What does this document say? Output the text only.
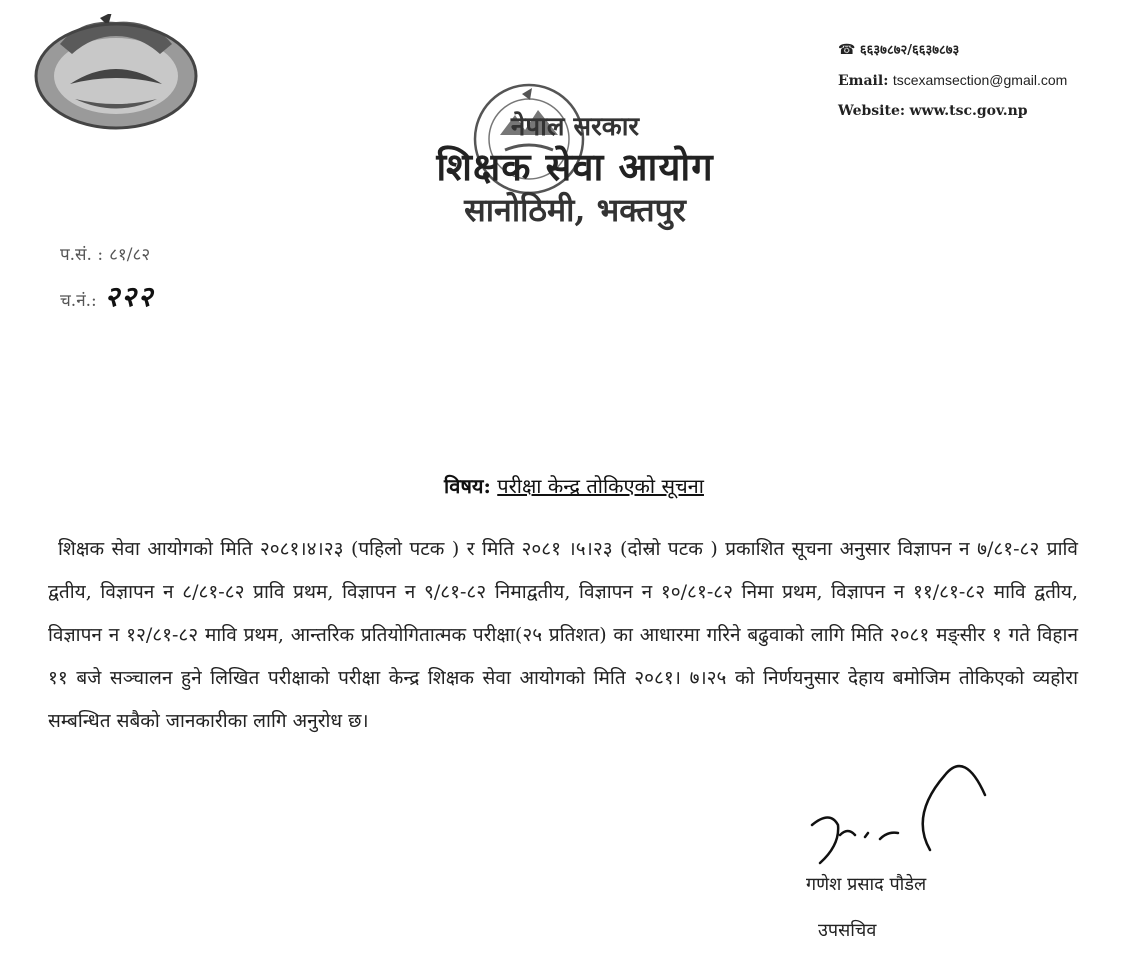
नेपाल सरकार

शिक्षक सेवा आयोग

सानोठिमी, भक्तपुर

☎ ६६३७८७२/६६३७८७३
Email: tscexamsection@gmail.com
Website: www.tsc.gov.np
प.सं. : ८१/८२
च.नं.: २२२
विषय: परीक्षा केन्द्र तोकिएको सूचना
शिक्षक सेवा आयोगको मिति २०८१।४।२३ (पहिलो पटक ) र मिति २०८१ ।५।२३ (दोस्रो पटक ) प्रकाशित सूचना अनुसार विज्ञापन न ७/८१-८२ प्रावि द्वतीय, विज्ञापन न ८/८१-८२ प्रावि प्रथम, विज्ञापन न ९/८१-८२ निमाद्वतीय, विज्ञापन न १०/८१-८२ निमा प्रथम, विज्ञापन न ११/८१-८२ मावि द्वतीय, विज्ञापन न १२/८१-८२ मावि प्रथम, आन्तरिक प्रतियोगितात्मक परीक्षा(२५ प्रतिशत) का आधारमा गरिने बढुवाको लागि मिति २०८१ मङ्सीर १ गते विहान ११ बजे सञ्चालन हुने लिखित परीक्षाको परीक्षा केन्द्र शिक्षक सेवा आयोगको मिति २०८१। ७।२५ को निर्णयनुसार देहाय बमोजिम तोकिएको व्यहोरा सम्बन्धित सबैको जानकारीका लागि अनुरोध छ।
गणेश प्रसाद पौडेल
उपसचिव
